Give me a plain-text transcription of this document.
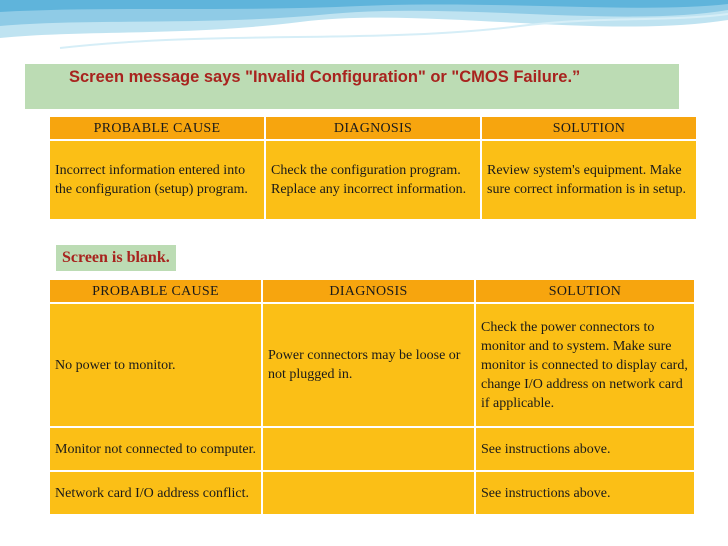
Screen message says "Invalid Configuration" or "CMOS Failure.”
PROBABLE CAUSE	DIAGNOSIS	SOLUTION
Incorrect information entered into the configuration (setup) program.	Check the configuration program. Replace any incorrect information.	Review system's equipment. Make sure correct information is in setup.
Screen is blank.
PROBABLE CAUSE	DIAGNOSIS	SOLUTION
No power to monitor.	Power connectors may be loose or not plugged in.	Check the power connectors to monitor and to system. Make sure monitor is connected to display card, change I/O address on network card if applicable.
Monitor not connected to computer.		See instructions above.
Network card I/O address conflict.		See instructions above.
